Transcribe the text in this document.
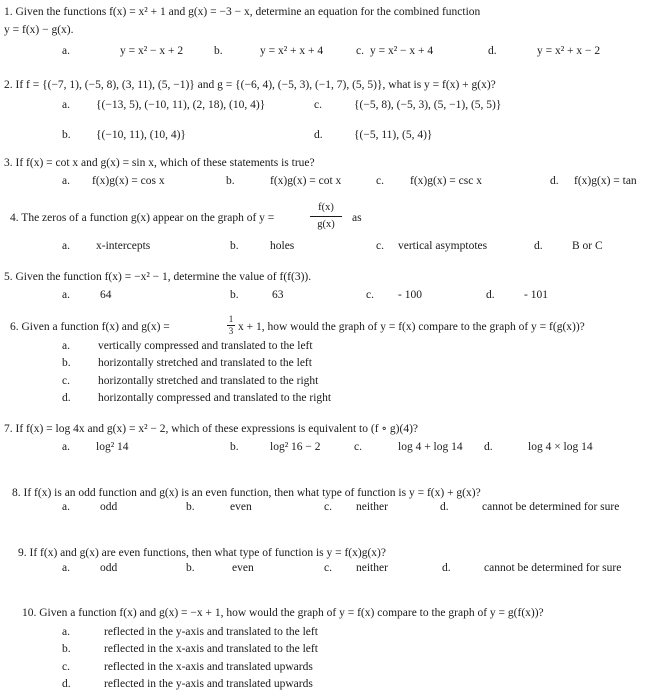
1. Given the functions f(x) = x² + 1 and g(x) = −3 − x, determine an equation for the combined function
y = f(x) − g(x).
a.	y = x² − x + 2	b.	y = x² + x + 4	c. y = x² − x + 4	d.	y = x² + x − 2
2. If f = {(−7, 1), (−5, 8), (3, 11), (5, −1)} and g = {(−6, 4), (−5, 3), (−1, 7), (5, 5)}, what is y = f(x) + g(x)?
a. {(−13, 5), (−10, 11), (2, 18), (10, 4)}	c.	{(−5, 8), (−5, 3), (5, −1), (5, 5)}
b. {(−10, 11), (10, 4)}	d.	{(−5, 11), (5, 4)}
3. If f(x) = cot x and g(x) = sin x, which of these statements is true?
a. f(x)g(x) = cos x	b.	f(x)g(x) = cot x	c. f(x)g(x) = csc x	d. f(x)g(x) = tan
4. The zeros of a function g(x) appear on the graph of y =
f(x)
g(x)
as
a. x-intercepts	b.	holes	c. vertical asymptotes	d.	B or C
5. Given the function f(x) = −x² − 1, determine the value of f(f(3)).
a.	64	b.	63	c. - 100	d.	- 101
6. Given a function f(x) and g(x) =
1
3 x + 1, how would the graph of y = f(x) compare to the graph of y = f(g(x))?
a. vertically compressed and translated to the left
b. horizontally stretched and translated to the left
c. horizontally stretched and translated to the right
d. horizontally compressed and translated to the right
7. If f(x) = log 4x and g(x) = x² − 2, which of these expressions is equivalent to (f ∘ g)(4)?
a. log² 14	b.	log² 16 − 2	c.	log 4 + log 14 d.	log 4 × log 14
8. If f(x) is an odd function and g(x) is an even function, then what type of function is y = f(x) + g(x)?
a.	odd	b.	even	c. neither	d.	cannot be determined for sure
9. If f(x) and g(x) are even functions, then what type of function is y = f(x)g(x)?
a.	odd	b.	even	c. neither	d.	cannot be determined for sure
10. Given a function f(x) and g(x) = −x + 1, how would the graph of y = f(x) compare to the graph of y = g(f(x))?
a.	reflected in the y-axis and translated to the left
b.	reflected in the x-axis and translated to the left
c.	reflected in the x-axis and translated upwards
d.	reflected in the y-axis and translated upwards
